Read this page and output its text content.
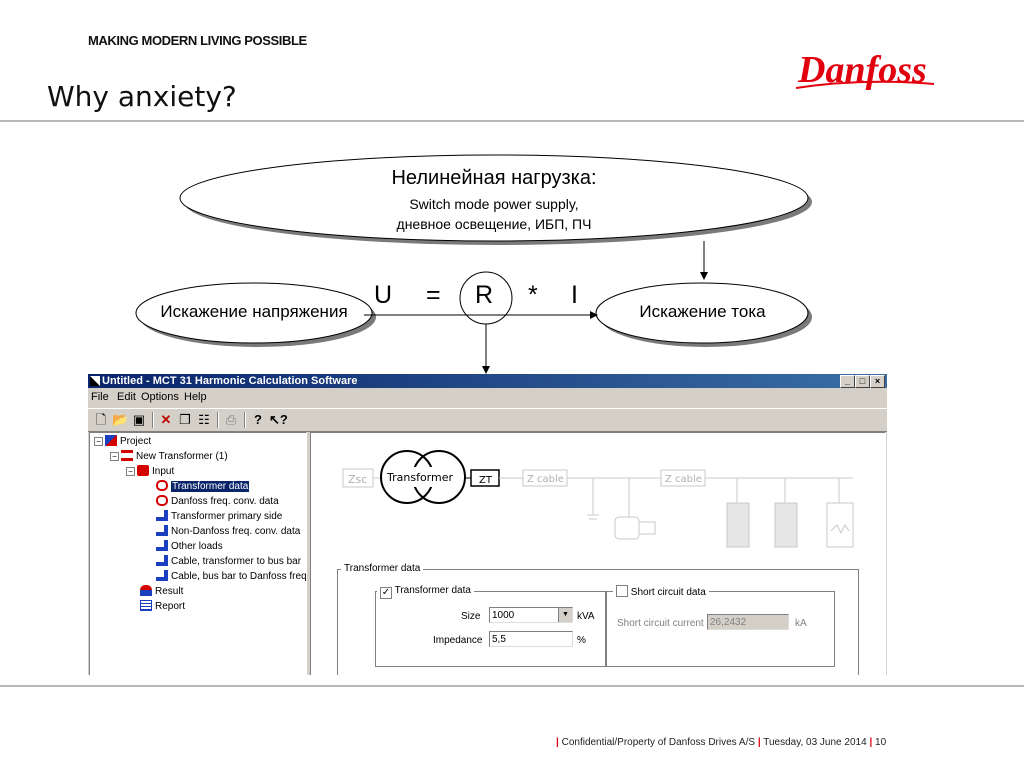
MAKING MODERN LIVING POSSIBLE
Why anxiety?
Danfoss
Нелинейная нагрузка:
Switch mode power supply,
дневное освещение, ИБП, ПЧ
Искажение напряжения	Искажение тока
U = R * I
Untitled - MCT 31 Harmonic Calculation Software	_	□	×
File Edit Options Help
🗋 📂 ▣ ✕ ❐ ☷ ⎙	? ↖?
−	Project
−	New Transformer (1)
−	Input
Transformer data
Danfoss freq. conv. data
Transformer primary side
Non-Danfoss freq. conv. data
Other loads
Cable, transformer to bus bar
Cable, bus bar to Danfoss freq
Result
Report
Zsc Transformer	ZT	Z cable	Z cable
Transformer data
✓ Transformer data
Size	1000	▼ kVA
Impedance 5,5	%
Short circuit data
Short circuit current 26,2432	kA
| Confidential/Property of Danfoss Drives A/S | Tuesday, 03 June 2014 | 10
